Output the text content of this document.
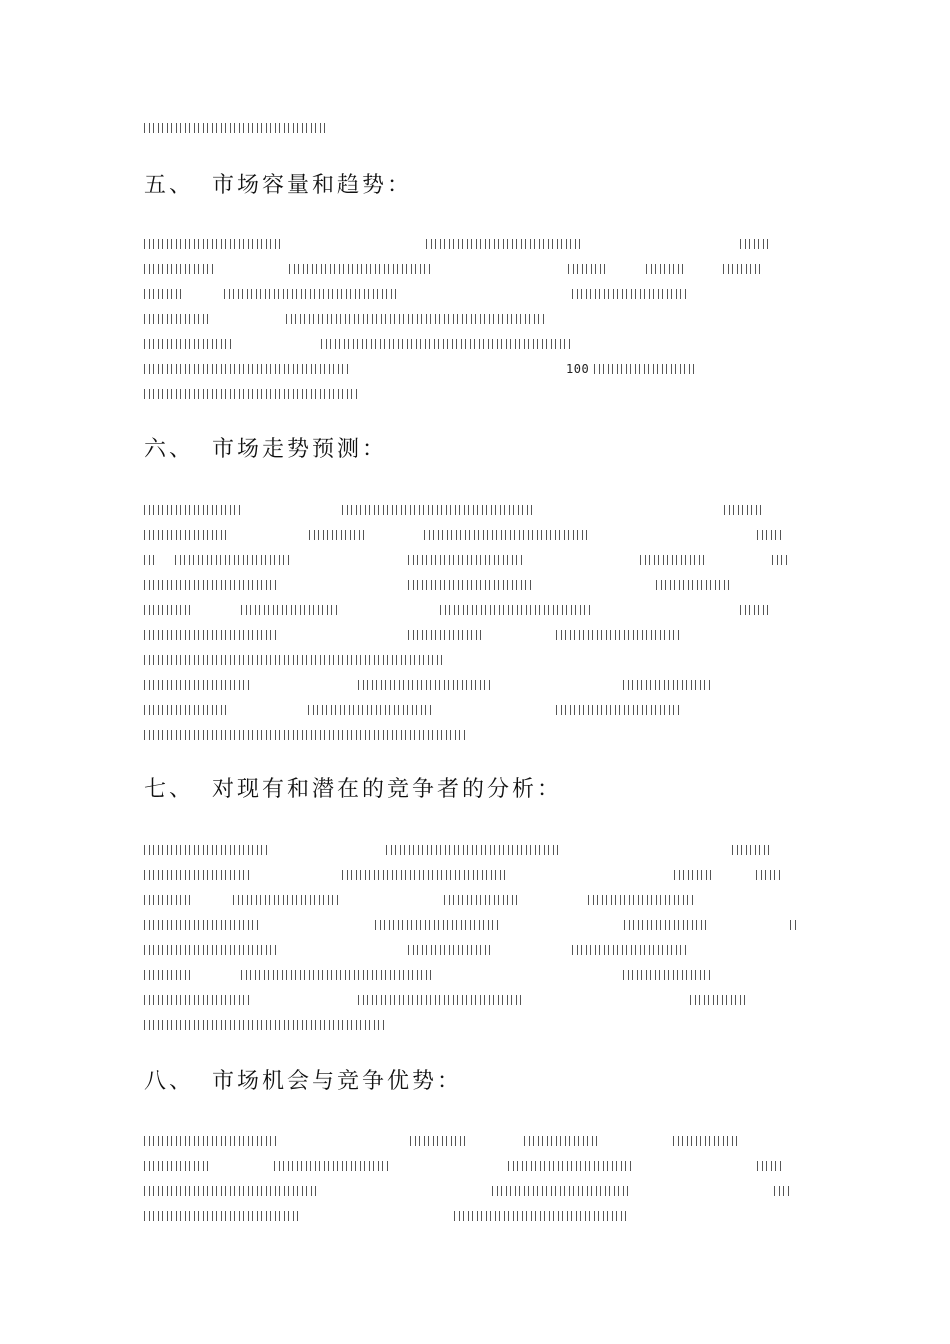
五、 市场容量和趋势：
100
六、 市场走势预测：
七、 对现有和潜在的竞争者的分析：
八、 市场机会与竞争优势：
